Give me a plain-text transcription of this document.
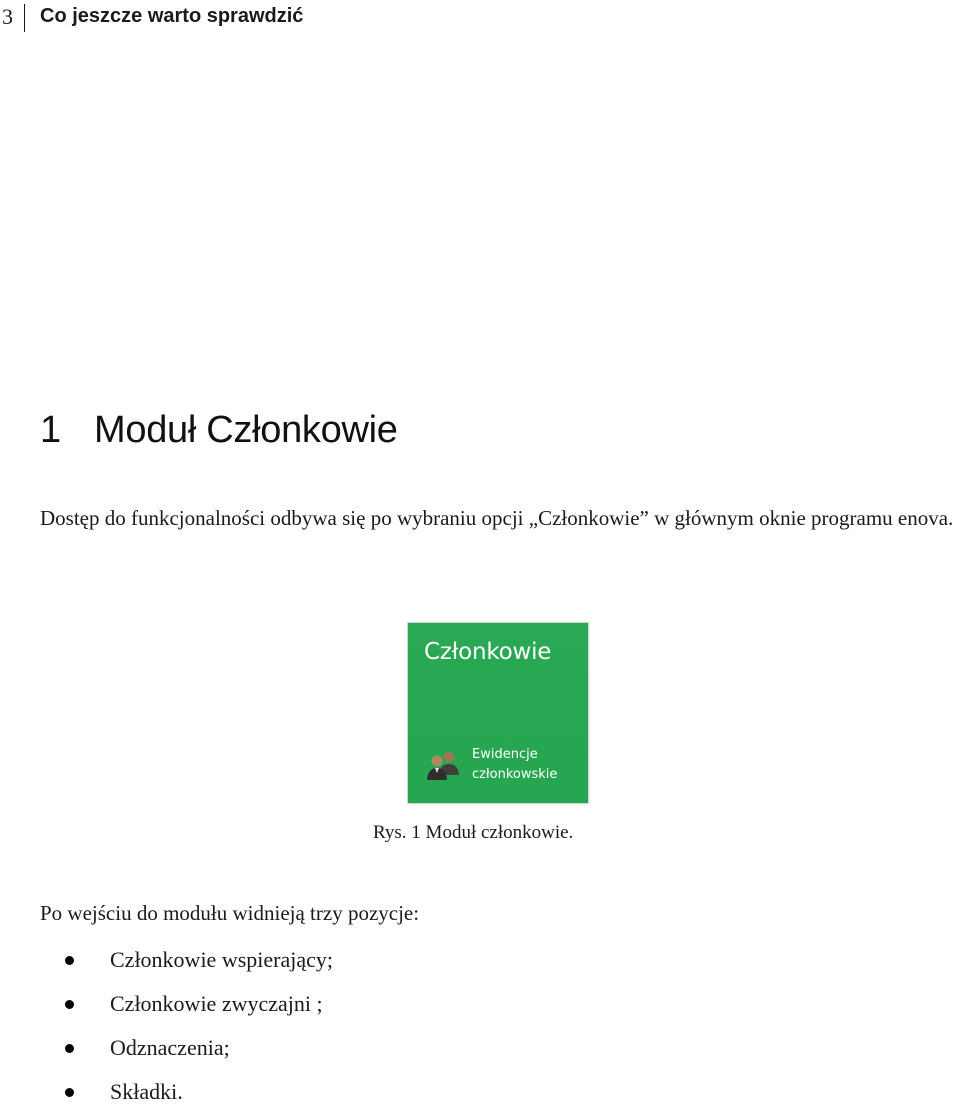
3 Co jeszcze warto sprawdzić
1 Moduł Członkowie

Dostęp do funkcjonalności odbywa się po wybraniu opcji „Członkowie” w głównym oknie programu enova.

Członkowie
Ewidencje
członkowskie
Rys. 1 Moduł członkowie.

Po wejściu do modułu widnieją trzy pozycje:

Członkowie wspierający;
Członkowie zwyczajni ;
Odznaczenia;
Składki.
